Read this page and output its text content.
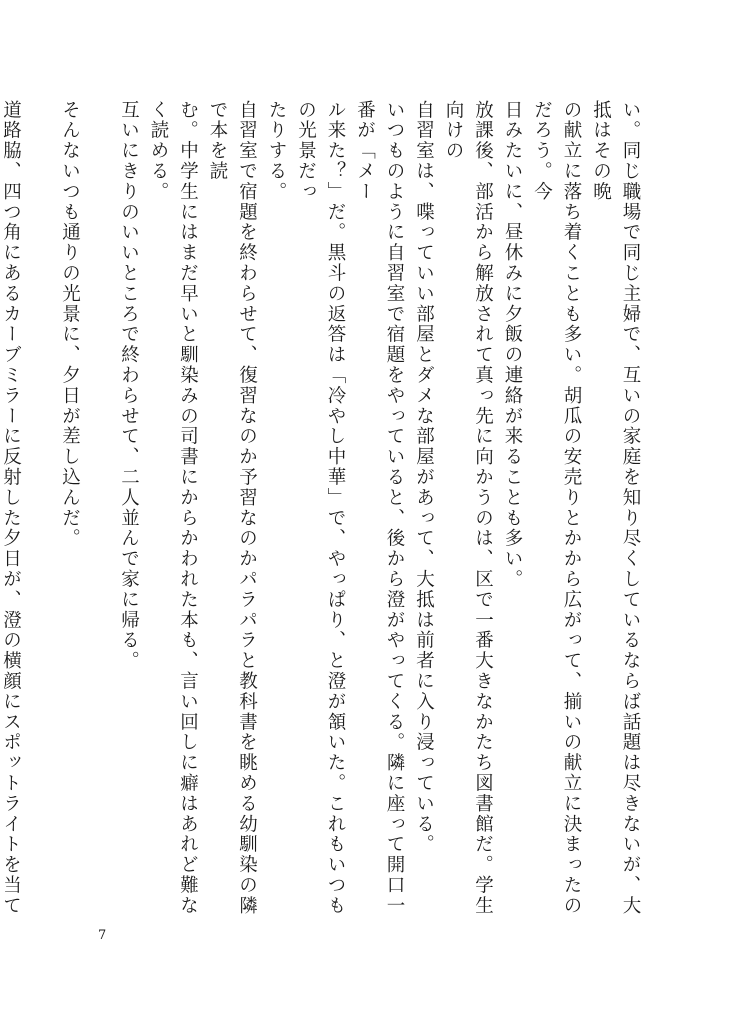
い。同じ職場で同じ主婦で、互いの家庭を知り尽くしているならば話題は尽きないが、大抵はその晩

の献立に落ち着くことも多い。胡瓜の安売りとかから広がって、揃いの献立に決まったのだろう。今

日みたいに、昼休みに夕飯の連絡が来ることも多い。

放課後、部活から解放されて真っ先に向かうのは、区で一番大きなかたち図書館だ。学生向けの

自習室は、喋っていい部屋とダメな部屋があって、大抵は前者に入り浸っている。

いつものように自習室で宿題をやっていると、後から澄がやってくる。隣に座って開口一番が「メー

ル来た？」だ。黒斗の返答は「冷やし中華」で、やっぱり、と澄が頷いた。これもいつもの光景だっ

たりする。

自習室で宿題を終わらせて、復習なのか予習なのかパラパラと教科書を眺める幼馴染の隣で本を読

む。中学生にはまだ早いと馴染みの司書にからかわれた本も、言い回しに癖はあれど難なく読める。

互いにきりのいいところで終わらせて、二人並んで家に帰る。

そんないつも通りの光景に、夕日が差し込んだ。

道路脇、四つ角にあるカーブミラーに反射した夕日が、澄の横顔にスポットライトを当て

7
